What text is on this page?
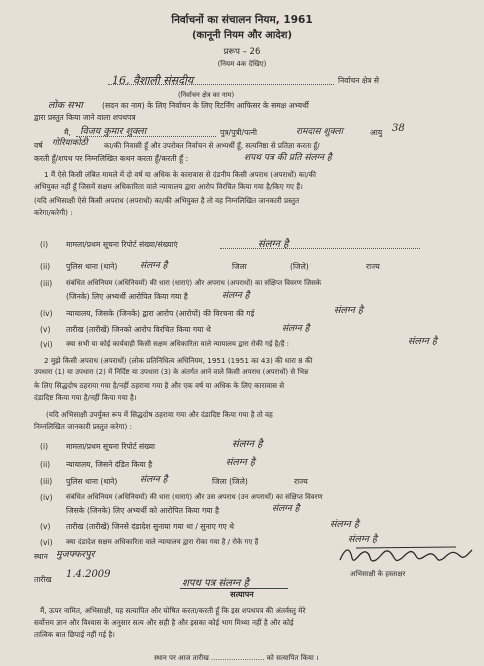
निर्वाचनों का संचालन नियम, 1961
(कानूनी नियम और आदेश)
प्ररूप – 26
(नियम 4क देखिए)
16, वैशाली संसदीय	निर्वाचन क्षेत्र से
(निर्वाचन क्षेत्र का नाम)
लोक सभा	(सदन का नाम) के लिए निर्वाचन के लिए रिटर्निंग आफिसर के समक्ष अभ्यर्थी
द्वारा प्रस्तुत किया जाने वाला शपथपत्र
मैं, विजय कुमार शुक्ला	पुत्र/पुत्री/पत्नी	रामदास शुक्ला	आयु 38
वर्ष गोरियाकोठी का/की निवासी हूँ और उपरोक्त निर्वाचन से अभ्यर्थी हूँ, सत्यनिष्ठा से प्रतिज्ञा करता हूँ/
करती हूँ/शपथ पर निम्नलिखित कथन करता हूँ/करती हूँ :	शपथ पत्र की प्रति संलग्न है
1 मैं ऐसे किसी लंबित मामले में दो वर्ष या अधिक के कारावास से दंडनीय किसी अपराध (अपराधों) का/की
अभियुक्त नहीं हूँ जिसमें सक्षम अधिकारिता वाले न्यायालय द्वारा आरोप विरचित किया गया है/किए गए हैं।
(यदि अभिसाक्षी ऐसे किसी अपराध (अपराधों) का/की अभियुक्त है तो वह निम्नलिखित जानकारी प्रस्तुत
करेगा/करेगी) :
(i) मामला/प्रथम सूचना रिपोर्ट संख्या/संख्याएं	संलग्न है
(ii) पुलिस थाना (थाने)	संलग्न है	जिला	(जिले)	राज्य
(iii) संबंधित अधिनियम (अधिनियमों) की धारा (धाराएं) और अपराध (अपराधों) का संक्षिप्त विवरण जिसके
(जिनके) लिए अभ्यर्थी आरोपित किया गया है	संलग्न है
(iv) न्यायालय, जिसके (जिनके) द्वारा आरोप (आरोपों) की विरचना की गई	संलग्न है
(v) तारीख (तारीखें) जिनको आरोप विरचित किया गया थे	संलग्न है
(vi) क्या सभी या कोई कार्यवाही किसी सक्षम अधिकारिता वाले न्यायालय द्वारा रोकी गई है/हैं :	संलग्न है
2 मुझे किसी अपराध (अपराधों) (लोक प्रतिनिधित्व अधिनियम, 1951 (1951 का 43) की धारा 8 की
उपधारा (1) या उपधारा (2) में निर्दिष्ट या उपधारा (3) के अंतर्गत आने वाले किसी अपराध (अपराधों) से भिन्न
के लिए सिद्धदोष ठहराया गया है/नहीं ठहराया गया है और एक वर्ष या अधिक के लिए कारावास से
दंडादिष्ट किया गया है/नहीं किया गया है।
(यदि अभिसाक्षी उपर्युक्त रूप में सिद्धदोष ठहराया गया और दंडादिष्ट किया गया है तो वह
निम्नलिखित जानकारी प्रस्तुत करेगा) :
(i) मामला/प्रथम सूचना रिपोर्ट संख्या	संलग्न है
(ii) न्यायालय, जिसने दंडित किया है	संलग्न है
(iii) पुलिस थाना (थाने)	संलग्न है	जिला (जिले)	राज्य
(iv) संबंधित अधिनियम (अधिनियमों) की धारा (धाराएं) और उस अपराध (उन अपराधों) का संक्षिप्त विवरण
जिसके (जिनके) लिए अभ्यर्थी को आरोपित किया गया है	संलग्न है
(v) तारीख (तारीखें) जिनसे दंडादेश सुनाया गया था / सुनाए गए थे	संलग्न है
(vi) क्या दंडादेश सक्षम अधिकारिता वाले न्यायालय द्वारा रोका गया है / रोके गए हैं	संलग्न है
स्थान मुजफ्फरपुर
तारीख 1.4.2009	अभिसाक्षी के हस्ताक्षर
शपथ पत्र संलग्न है
सत्यापन
मैं, ऊपर नामित, अभिसाक्षी, यह सत्यापित और घोषित करता/करती हूँ कि इस शपथपत्र की अंतर्वस्तु मेरे
सर्वोत्तम ज्ञान और विश्वास के अनुसार सत्य और सही है और इसका कोई भाग मिथ्या नहीं है और कोई
तात्विक बात छिपाई नहीं गई है।
स्थान पर आज तारीख ........................ को सत्यापित किया ।
